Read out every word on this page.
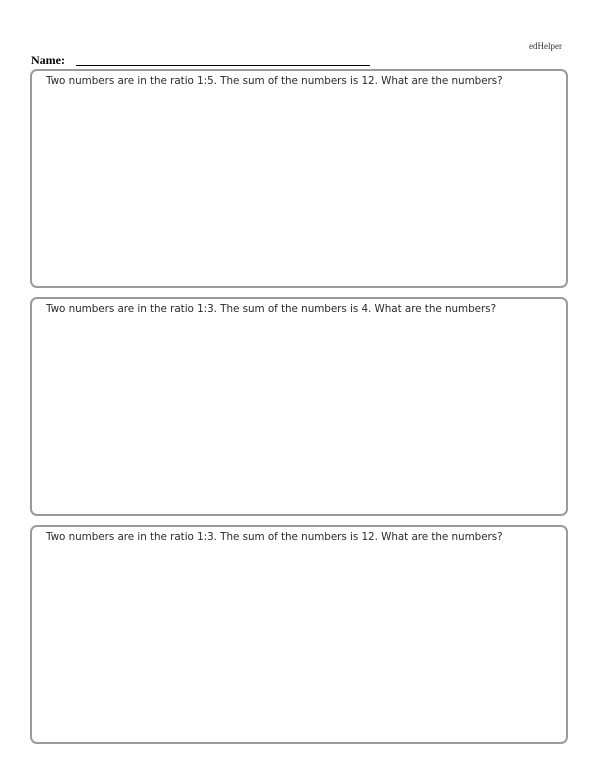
edHelper
Name:
Two numbers are in the ratio 1:5. The sum of the numbers is 12. What are the numbers?
Two numbers are in the ratio 1:3. The sum of the numbers is 4. What are the numbers?
Two numbers are in the ratio 1:3. The sum of the numbers is 12. What are the numbers?
